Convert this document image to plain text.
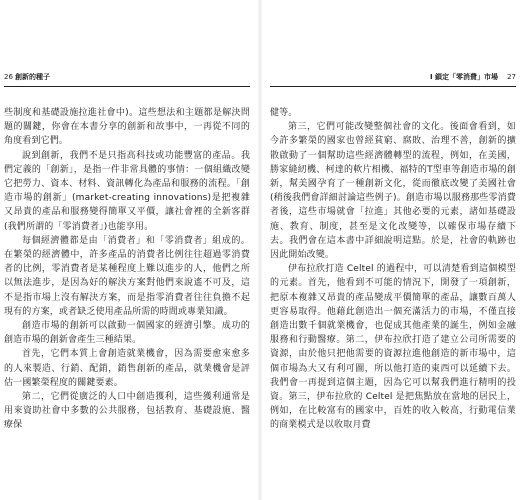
26 創新的種子

些制度和基礎設施拉進社會中)。這些想法和主題都是解決問題的關鍵，你會在本書分享的創新和故事中，一再從不同的角度看到它們。

說到創新，我們不是只指高科技或功能豐富的產品。我們定義的「創新」，是指一件非常具體的事情：一個組織改變它把勞力、資本、材料、資訊轉化為產品和服務的流程。「創造市場的創新」(market-creating innovations)是把複雜又昂貴的產品和服務變得簡單又平價，讓社會裡的全新客群(我們所謂的「零消費者」)也能享用。

每個經濟體都是由「消費者」和「零消費者」組成的。在繁榮的經濟體中，許多產品的消費者比例往往超過零消費者的比例，零消費者是某種程度上難以進步的人，他們之所以無法進步，是因為好的解決方案對他們來說遙不可及，這不是指市場上沒有解決方案，而是指零消費者往往負擔不起現有的方案，或者缺乏使用產品所需的時間或專業知識。

創造市場的創新可以啟動一個國家的經濟引擎。成功的創造市場的創新會產生三種結果。

首先，它們本質上會創造就業機會，因為需要愈來愈多的人來製造、行銷、配銷，銷售創新的產品，就業機會是評估一國繁榮程度的關鍵要素。

第二，它們從廣泛的人口中創造獲利，這些獲利通常是用來資助社會中多數的公共服務，包括教育、基礎設施、醫療保

I 鎖定「零消費」市場 27

健等。

第三，它們可能改變整個社會的文化。後面會看到，如今許多繁榮的國家也曾經貧窮、腐敗、治理不善，創新的擴散啟動了一個幫助這些經濟體轉型的流程，例如，在美國，勝家縫紉機、柯達的軟片相機、福特的T型車等創造市場的創新，幫美國孕育了一種創新文化，從而徹底改變了美國社會(稍後我們會詳細討論這些例子)。創造市場以服務那些零消費者後，這些市場就會「拉進」其他必要的元素，諸如基礎設施、教育、制度，甚至是文化改變等，以確保市場存續下去。我們會在這本書中詳細說明這點。於是，社會的軌跡也因此開始改變。

伊布拉欣打造 Celtel 的過程中，可以清楚看到這個模型的元素。首先，他看到不可能的情況下，開發了一項創新，把原本複雜又昂貴的產品變成平價簡單的產品，讓數百萬人更容易取得。他藉此創造出一個充滿活力的市場，不僅直接創造出數千個就業機會，也促成其他產業的誕生，例如金融服務和行動醫療。第二，伊布拉欣打造了建立公司所需要的資源，由於他只把他需要的資源拉進他創造的新市場中，這個市場為大又有利可圖，所以他打造的東西可以延續下去。我們會一再提到這個主題，因為它可以幫我們進行精明的投資。第三，伊布拉欣的 Celtel 是把焦點放在當地的居民上，例如，在比較富有的國家中，百姓的收入較高，行動電信業的商業模式是以收取月費
